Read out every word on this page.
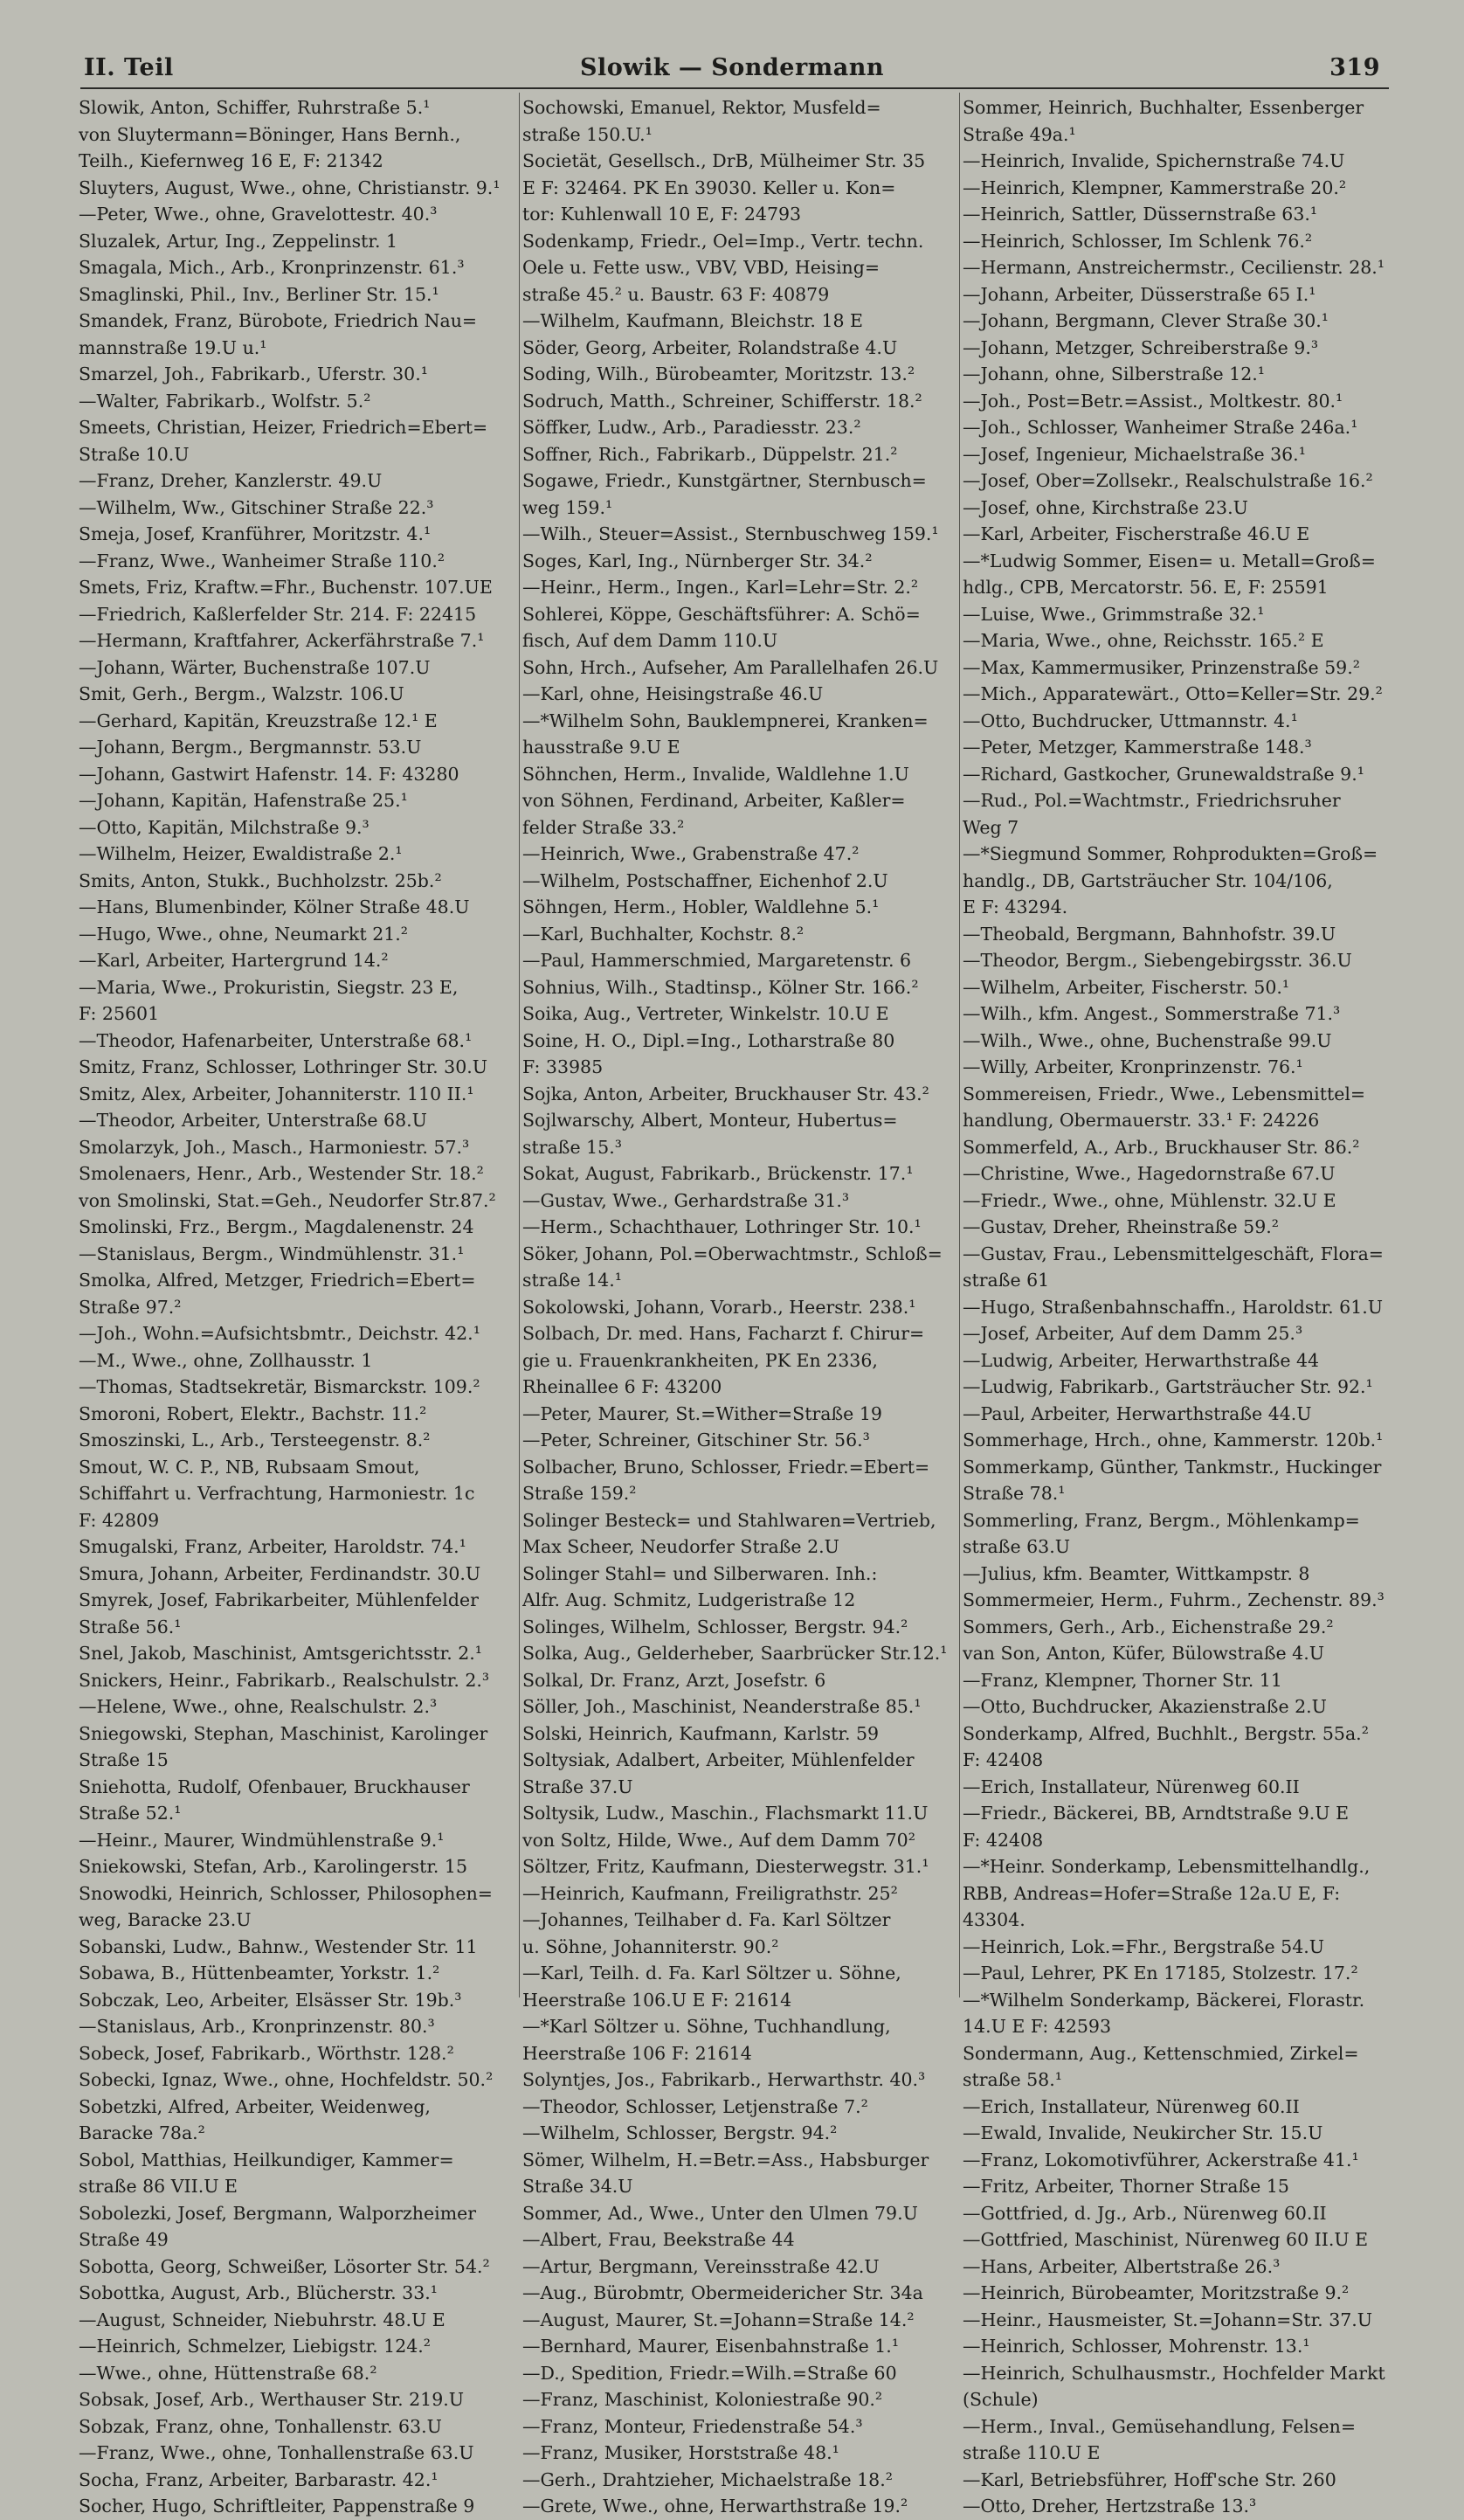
II. Teil	Slowik — Sondermann	319
Slowik, Anton, Schiffer, Ruhrstraße 5.¹
von Sluytermann=Böninger, Hans Bernh.,
Teilh., Kiefernweg 16 E, F: 21342
Sluyters, August, Wwe., ohne, Christianstr. 9.¹
—Peter, Wwe., ohne, Gravelottestr. 40.³
Sluzalek, Artur, Ing., Zeppelinstr. 1
Smagala, Mich., Arb., Kronprinzenstr. 61.³
Smaglinski, Phil., Inv., Berliner Str. 15.¹
Smandek, Franz, Bürobote, Friedrich Nau=
mannstraße 19.U u.¹
Smarzel, Joh., Fabrikarb., Uferstr. 30.¹
—Walter, Fabrikarb., Wolfstr. 5.²
Smeets, Christian, Heizer, Friedrich=Ebert=
Straße 10.U
—Franz, Dreher, Kanzlerstr. 49.U
—Wilhelm, Ww., Gitschiner Straße 22.³
Smeja, Josef, Kranführer, Moritzstr. 4.¹
—Franz, Wwe., Wanheimer Straße 110.²
Smets, Friz, Kraftw.=Fhr., Buchenstr. 107.UE
—Friedrich, Kaßlerfelder Str. 214. F: 22415
—Hermann, Kraftfahrer, Ackerfährstraße 7.¹
—Johann, Wärter, Buchenstraße 107.U
Smit, Gerh., Bergm., Walzstr. 106.U
—Gerhard, Kapitän, Kreuzstraße 12.¹ E
—Johann, Bergm., Bergmannstr. 53.U
—Johann, Gastwirt Hafenstr. 14. F: 43280
—Johann, Kapitän, Hafenstraße 25.¹
—Otto, Kapitän, Milchstraße 9.³
—Wilhelm, Heizer, Ewaldistraße 2.¹
Smits, Anton, Stukk., Buchholzstr. 25b.²
—Hans, Blumenbinder, Kölner Straße 48.U
—Hugo, Wwe., ohne, Neumarkt 21.²
—Karl, Arbeiter, Hartergrund 14.²
—Maria, Wwe., Prokuristin, Siegstr. 23 E,
F: 25601
—Theodor, Hafenarbeiter, Unterstraße 68.¹
Smitz, Franz, Schlosser, Lothringer Str. 30.U
Smitz, Alex, Arbeiter, Johanniterstr. 110 II.¹
—Theodor, Arbeiter, Unterstraße 68.U
Smolarzyk, Joh., Masch., Harmoniestr. 57.³
Smolenaers, Henr., Arb., Westender Str. 18.²
von Smolinski, Stat.=Geh., Neudorfer Str.87.²
Smolinski, Frz., Bergm., Magdalenenstr. 24
—Stanislaus, Bergm., Windmühlenstr. 31.¹
Smolka, Alfred, Metzger, Friedrich=Ebert=
Straße 97.²
—Joh., Wohn.=Aufsichtsbmtr., Deichstr. 42.¹
—M., Wwe., ohne, Zollhausstr. 1
—Thomas, Stadtsekretär, Bismarckstr. 109.²
Smoroni, Robert, Elektr., Bachstr. 11.²
Smoszinski, L., Arb., Tersteegenstr. 8.²
Smout, W. C. P., NB, Rubsaam Smout,
Schiffahrt u. Verfrachtung, Harmoniestr. 1c
F: 42809
Smugalski, Franz, Arbeiter, Haroldstr. 74.¹
Smura, Johann, Arbeiter, Ferdinandstr. 30.U
Smyrek, Josef, Fabrikarbeiter, Mühlenfelder
Straße 56.¹
Snel, Jakob, Maschinist, Amtsgerichtsstr. 2.¹
Snickers, Heinr., Fabrikarb., Realschulstr. 2.³
—Helene, Wwe., ohne, Realschulstr. 2.³
Sniegowski, Stephan, Maschinist, Karolinger
Straße 15
Sniehotta, Rudolf, Ofenbauer, Bruckhauser
Straße 52.¹
—Heinr., Maurer, Windmühlenstraße 9.¹
Sniekowski, Stefan, Arb., Karolingerstr. 15
Snowodki, Heinrich, Schlosser, Philosophen=
weg, Baracke 23.U
Sobanski, Ludw., Bahnw., Westender Str. 11
Sobawa, B., Hüttenbeamter, Yorkstr. 1.²
Sobczak, Leo, Arbeiter, Elsässer Str. 19b.³
—Stanislaus, Arb., Kronprinzenstr. 80.³
Sobeck, Josef, Fabrikarb., Wörthstr. 128.²
Sobecki, Ignaz, Wwe., ohne, Hochfeldstr. 50.²
Sobetzki, Alfred, Arbeiter, Weidenweg,
Baracke 78a.²
Sobol, Matthias, Heilkundiger, Kammer=
straße 86 VII.U E
Sobolezki, Josef, Bergmann, Walporzheimer
Straße 49
Sobotta, Georg, Schweißer, Lösorter Str. 54.²
Sobottka, August, Arb., Blücherstr. 33.¹
—August, Schneider, Niebuhrstr. 48.U E
—Heinrich, Schmelzer, Liebigstr. 124.²
—Wwe., ohne, Hüttenstraße 68.²
Sobsak, Josef, Arb., Werthauser Str. 219.U
Sobzak, Franz, ohne, Tonhallenstr. 63.U
—Franz, Wwe., ohne, Tonhallenstraße 63.U
Socha, Franz, Arbeiter, Barbarastr. 42.¹
Socher, Hugo, Schriftleiter, Pappenstraße 9
Sochowski, Emanuel, Rektor, Musfeld=
straße 150.U.¹
Societät, Gesellsch., DrB, Mülheimer Str. 35
E F: 32464. PK En 39030. Keller u. Kon=
tor: Kuhlenwall 10 E, F: 24793
Sodenkamp, Friedr., Oel=Imp., Vertr. techn.
Oele u. Fette usw., VBV, VBD, Heising=
straße 45.² u. Baustr. 63 F: 40879
—Wilhelm, Kaufmann, Bleichstr. 18 E
Söder, Georg, Arbeiter, Rolandstraße 4.U
Soding, Wilh., Bürobeamter, Moritzstr. 13.²
Sodruch, Matth., Schreiner, Schifferstr. 18.²
Söffker, Ludw., Arb., Paradiesstr. 23.²
Soffner, Rich., Fabrikarb., Düppelstr. 21.²
Sogawe, Friedr., Kunstgärtner, Sternbusch=
weg 159.¹
—Wilh., Steuer=Assist., Sternbuschweg 159.¹
Soges, Karl, Ing., Nürnberger Str. 34.²
—Heinr., Herm., Ingen., Karl=Lehr=Str. 2.²
Sohlerei, Köppe, Geschäftsführer: A. Schö=
fisch, Auf dem Damm 110.U
Sohn, Hrch., Aufseher, Am Parallelhafen 26.U
—Karl, ohne, Heisingstraße 46.U
—*Wilhelm Sohn, Bauklempnerei, Kranken=
hausstraße 9.U E
Söhnchen, Herm., Invalide, Waldlehne 1.U
von Söhnen, Ferdinand, Arbeiter, Kaßler=
felder Straße 33.²
—Heinrich, Wwe., Grabenstraße 47.²
—Wilhelm, Postschaffner, Eichenhof 2.U
Söhngen, Herm., Hobler, Waldlehne 5.¹
—Karl, Buchhalter, Kochstr. 8.²
—Paul, Hammerschmied, Margaretenstr. 6
Sohnius, Wilh., Stadtinsp., Kölner Str. 166.²
Soika, Aug., Vertreter, Winkelstr. 10.U E
Soine, H. O., Dipl.=Ing., Lotharstraße 80
F: 33985
Sojka, Anton, Arbeiter, Bruckhauser Str. 43.²
Sojlwarschy, Albert, Monteur, Hubertus=
straße 15.³
Sokat, August, Fabrikarb., Brückenstr. 17.¹
—Gustav, Wwe., Gerhardstraße 31.³
—Herm., Schachthauer, Lothringer Str. 10.¹
Söker, Johann, Pol.=Oberwachtmstr., Schloß=
straße 14.¹
Sokolowski, Johann, Vorarb., Heerstr. 238.¹
Solbach, Dr. med. Hans, Facharzt f. Chirur=
gie u. Frauenkrankheiten, PK En 2336,
Rheinallee 6 F: 43200
—Peter, Maurer, St.=Wither=Straße 19
—Peter, Schreiner, Gitschiner Str. 56.³
Solbacher, Bruno, Schlosser, Friedr.=Ebert=
Straße 159.²
Solinger Besteck= und Stahlwaren=Vertrieb,
Max Scheer, Neudorfer Straße 2.U
Solinger Stahl= und Silberwaren. Inh.:
Alfr. Aug. Schmitz, Ludgeristraße 12
Solinges, Wilhelm, Schlosser, Bergstr. 94.²
Solka, Aug., Gelderheber, Saarbrücker Str.12.¹
Solkal, Dr. Franz, Arzt, Josefstr. 6
Söller, Joh., Maschinist, Neanderstraße 85.¹
Solski, Heinrich, Kaufmann, Karlstr. 59
Soltysiak, Adalbert, Arbeiter, Mühlenfelder
Straße 37.U
Soltysik, Ludw., Maschin., Flachsmarkt 11.U
von Soltz, Hilde, Wwe., Auf dem Damm 70²
Söltzer, Fritz, Kaufmann, Diesterwegstr. 31.¹
—Heinrich, Kaufmann, Freiligrathstr. 25²
—Johannes, Teilhaber d. Fa. Karl Söltzer
u. Söhne, Johanniterstr. 90.²
—Karl, Teilh. d. Fa. Karl Söltzer u. Söhne,
Heerstraße 106.U E F: 21614
—*Karl Söltzer u. Söhne, Tuchhandlung,
Heerstraße 106 F: 21614
Solyntjes, Jos., Fabrikarb., Herwarthstr. 40.³
—Theodor, Schlosser, Letjenstraße 7.²
—Wilhelm, Schlosser, Bergstr. 94.²
Sömer, Wilhelm, H.=Betr.=Ass., Habsburger
Straße 34.U
Sommer, Ad., Wwe., Unter den Ulmen 79.U
—Albert, Frau, Beekstraße 44
—Artur, Bergmann, Vereinsstraße 42.U
—Aug., Bürobmtr, Obermeidericher Str. 34a
—August, Maurer, St.=Johann=Straße 14.²
—Bernhard, Maurer, Eisenbahnstraße 1.¹
—D., Spedition, Friedr.=Wilh.=Straße 60
—Franz, Maschinist, Koloniestraße 90.²
—Franz, Monteur, Friedenstraße 54.³
—Franz, Musiker, Horststraße 48.¹
—Gerh., Drahtzieher, Michaelstraße 18.²
—Grete, Wwe., ohne, Herwarthstraße 19.²
Sommer, Heinrich, Buchhalter, Essenberger
Straße 49a.¹
—Heinrich, Invalide, Spichernstraße 74.U
—Heinrich, Klempner, Kammerstraße 20.²
—Heinrich, Sattler, Düssernstraße 63.¹
—Heinrich, Schlosser, Im Schlenk 76.²
—Hermann, Anstreichermstr., Cecilienstr. 28.¹
—Johann, Arbeiter, Düsserstraße 65 I.¹
—Johann, Bergmann, Clever Straße 30.¹
—Johann, Metzger, Schreiberstraße 9.³
—Johann, ohne, Silberstraße 12.¹
—Joh., Post=Betr.=Assist., Moltkestr. 80.¹
—Joh., Schlosser, Wanheimer Straße 246a.¹
—Josef, Ingenieur, Michaelstraße 36.¹
—Josef, Ober=Zollsekr., Realschulstraße 16.²
—Josef, ohne, Kirchstraße 23.U
—Karl, Arbeiter, Fischerstraße 46.U E
—*Ludwig Sommer, Eisen= u. Metall=Groß=
hdlg., CPB, Mercatorstr. 56. E, F: 25591
—Luise, Wwe., Grimmstraße 32.¹
—Maria, Wwe., ohne, Reichsstr. 165.² E
—Max, Kammermusiker, Prinzenstraße 59.²
—Mich., Apparatewärt., Otto=Keller=Str. 29.²
—Otto, Buchdrucker, Uttmannstr. 4.¹
—Peter, Metzger, Kammerstraße 148.³
—Richard, Gastkocher, Grunewaldstraße 9.¹
—Rud., Pol.=Wachtmstr., Friedrichsruher
Weg 7
—*Siegmund Sommer, Rohprodukten=Groß=
handlg., DB, Gartsträucher Str. 104/106,
E F: 43294.
—Theobald, Bergmann, Bahnhofstr. 39.U
—Theodor, Bergm., Siebengebirgsstr. 36.U
—Wilhelm, Arbeiter, Fischerstr. 50.¹
—Wilh., kfm. Angest., Sommerstraße 71.³
—Wilh., Wwe., ohne, Buchenstraße 99.U
—Willy, Arbeiter, Kronprinzenstr. 76.¹
Sommereisen, Friedr., Wwe., Lebensmittel=
handlung, Obermauerstr. 33.¹ F: 24226
Sommerfeld, A., Arb., Bruckhauser Str. 86.²
—Christine, Wwe., Hagedornstraße 67.U
—Friedr., Wwe., ohne, Mühlenstr. 32.U E
—Gustav, Dreher, Rheinstraße 59.²
—Gustav, Frau., Lebensmittelgeschäft, Flora=
straße 61
—Hugo, Straßenbahnschaffn., Haroldstr. 61.U
—Josef, Arbeiter, Auf dem Damm 25.³
—Ludwig, Arbeiter, Herwarthstraße 44
—Ludwig, Fabrikarb., Gartsträucher Str. 92.¹
—Paul, Arbeiter, Herwarthstraße 44.U
Sommerhage, Hrch., ohne, Kammerstr. 120b.¹
Sommerkamp, Günther, Tankmstr., Huckinger
Straße 78.¹
Sommerling, Franz, Bergm., Möhlenkamp=
straße 63.U
—Julius, kfm. Beamter, Wittkampstr. 8
Sommermeier, Herm., Fuhrm., Zechenstr. 89.³
Sommers, Gerh., Arb., Eichenstraße 29.²
van Son, Anton, Küfer, Bülowstraße 4.U
—Franz, Klempner, Thorner Str. 11
—Otto, Buchdrucker, Akazienstraße 2.U
Sonderkamp, Alfred, Buchhlt., Bergstr. 55a.²
F: 42408
—Erich, Installateur, Nürenweg 60.II
—Friedr., Bäckerei, BB, Arndtstraße 9.U E
F: 42408
—*Heinr. Sonderkamp, Lebensmittelhandlg.,
RBB, Andreas=Hofer=Straße 12a.U E, F:
43304.
—Heinrich, Lok.=Fhr., Bergstraße 54.U
—Paul, Lehrer, PK En 17185, Stolzestr. 17.²
—*Wilhelm Sonderkamp, Bäckerei, Florastr.
14.U E F: 42593
Sondermann, Aug., Kettenschmied, Zirkel=
straße 58.¹
—Erich, Installateur, Nürenweg 60.II
—Ewald, Invalide, Neukircher Str. 15.U
—Franz, Lokomotivführer, Ackerstraße 41.¹
—Fritz, Arbeiter, Thorner Straße 15
—Gottfried, d. Jg., Arb., Nürenweg 60.II
—Gottfried, Maschinist, Nürenweg 60 II.U E
—Hans, Arbeiter, Albertstraße 26.³
—Heinrich, Bürobeamter, Moritzstraße 9.²
—Heinr., Hausmeister, St.=Johann=Str. 37.U
—Heinrich, Schlosser, Mohrenstr. 13.¹
—Heinrich, Schulhausmstr., Hochfelder Markt
(Schule)
—Herm., Inval., Gemüsehandlung, Felsen=
straße 110.U E
—Karl, Betriebsführer, Hoff'sche Str. 260
—Otto, Dreher, Hertzstraße 13.³
